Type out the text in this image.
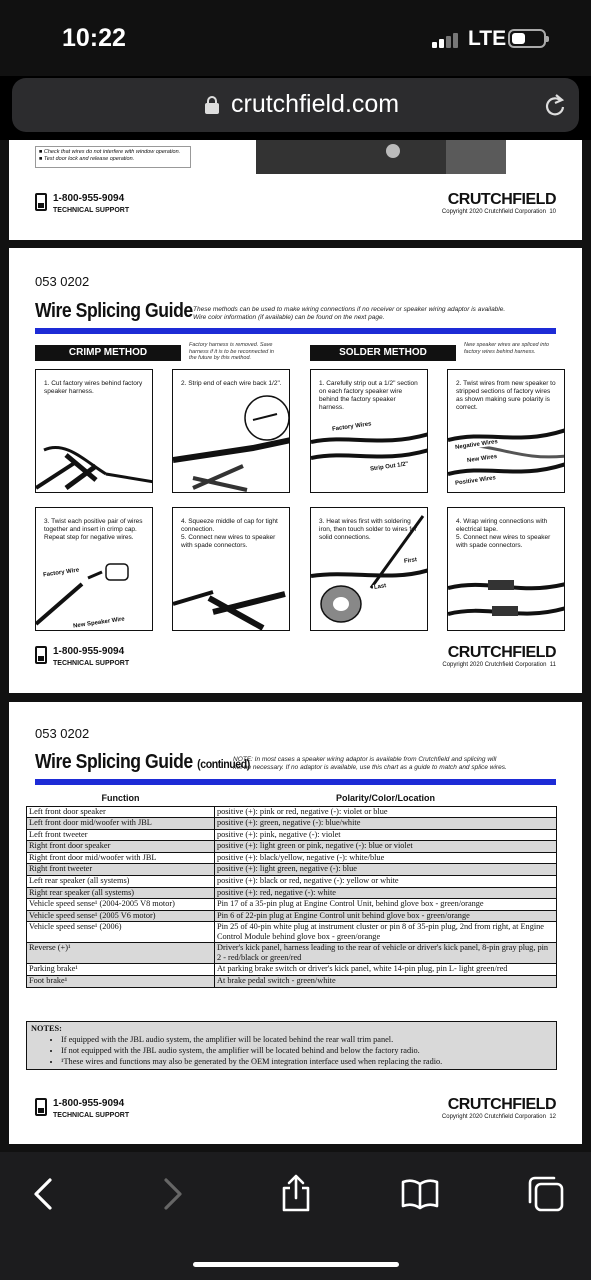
10:22	LTE
crutchfield.com
■ Check that wires do not interfere with window operation.
■ Test door lock and release operation.
1-800-955-9094
TECHNICAL SUPPORT
CRUTCHFIELD
Copyright 2020 Crutchfield Corporation 10
053 0202
Wire Splicing Guide These methods can be used to make wiring connections if no receiver or speaker wiring adaptor is available.
Wire color information (if available) can be found on the next page.
CRIMP METHOD
Factory harness is removed. Save harness if it is to be reconnected in the future by this method.	SOLDER METHOD
New speaker wires are spliced into factory wires behind harness.
1. Cut factory wires behind factory speaker harness.
2. Strip end of each wire back 1/2".	1. Carefully strip out a 1/2" section on each factory speaker wire behind the factory speaker harness.
Factory Wires
Strip Out 1/2"
2. Twist wires from new speaker to stripped sections of factory wires as shown making sure polarity is correct.
Negative Wires
New Wires
Positive Wires
3. Twist each positive pair of wires together and insert in crimp cap. Repeat step for negative wires.
Factory Wire
New Speaker Wire
4. Squeeze middle of cap for tight connection.
5. Connect new wires to speaker with spade connectors.
3. Heat wires first with soldering iron, then touch solder to wires for solid connections.
First
Last
4. Wrap wiring connections with electrical tape.
5. Connect new wires to speaker with spade connectors.
1-800-955-9094
TECHNICAL SUPPORT
CRUTCHFIELD
Copyright 2020 Crutchfield Corporation 11
053 0202
Wire Splicing Guide (continued)
NOTE: In most cases a speaker wiring adaptor is available from Crutchfield and splicing will
not be necessary. If no adaptor is available, use this chart as a guide to match and splice wires.
Function	Polarity/Color/Location
Left front door speaker	positive (+): pink or red, negative (-): violet or blue
Left front door mid/woofer with JBL	positive (+): green, negative (-): blue/white
Left front tweeter	positive (+): pink, negative (-): violet
Right front door speaker	positive (+): light green or pink, negative (-): blue or violet
Right front door mid/woofer with JBL	positive (+): black/yellow, negative (-): white/blue
Right front tweeter	positive (+): light green, negative (-): blue
Left rear speaker (all systems)	positive (+): black or red, negative (-): yellow or white
Right rear speaker (all systems)	positive (+): red, negative (-): white
Vehicle speed sense¹ (2004-2005 V8 motor)	Pin 17 of a 35-pin plug at Engine Control Unit, behind glove box - green/orange
Vehicle speed sense¹ (2005 V6 motor)	Pin 6 of 22-pin plug at Engine Control unit behind glove box - green/orange
Vehicle speed sense¹ (2006)	Pin 25 of 40-pin white plug at instrument cluster or pin 8 of 35-pin plug, 2nd from right, at Engine Control Module behind glove box - green/orange
Reverse (+)¹	Driver's kick panel, harness leading to the rear of vehicle or driver's kick panel, 8-pin gray plug, pin 2 - red/black or green/red
Parking brake¹	At parking brake switch or driver's kick panel, white 14-pin plug, pin L- light green/red
Foot brake¹	At brake pedal switch - green/white
NOTES:
• If equipped with the JBL audio system, the amplifier will be located behind the rear wall trim panel.
• If not equipped with the JBL audio system, the amplifier will be located behind and below the factory radio.
• ¹These wires and functions may also be generated by the OEM integration interface used when replacing the radio.
1-800-955-9094
TECHNICAL SUPPORT
CRUTCHFIELD
Copyright 2020 Crutchfield Corporation 12
